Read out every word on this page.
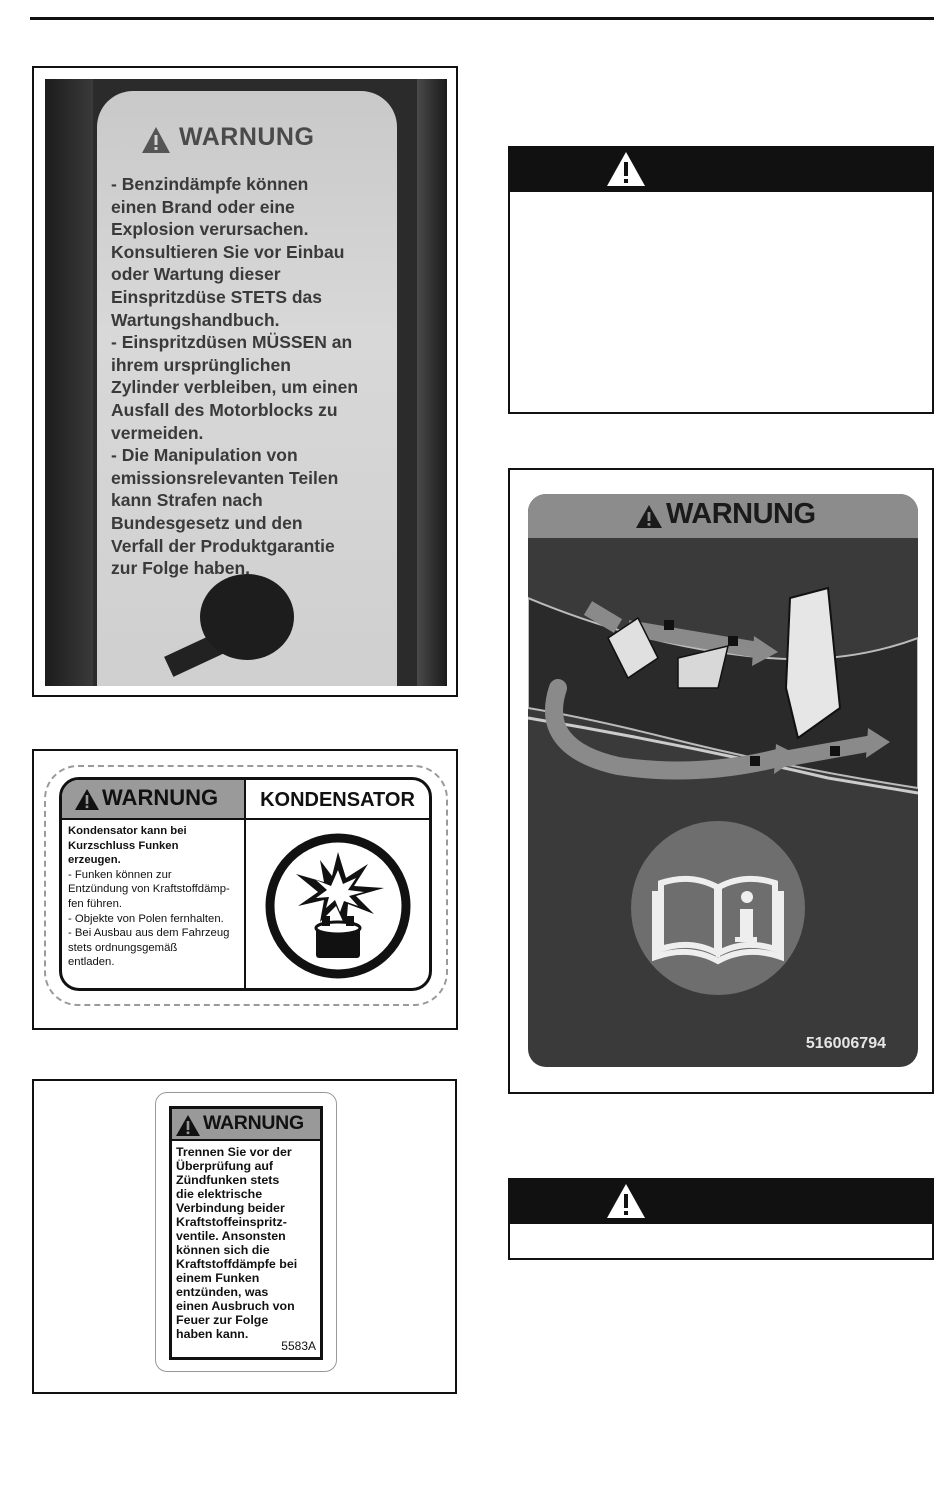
WARNUNG
- Benzindämpfe können
einen Brand oder eine
Explosion verursachen.
Konsultieren Sie vor Einbau
oder Wartung dieser
Einspritzdüse STETS das
Wartungshandbuch.
- Einspritzdüsen MÜSSEN an
ihrem ursprünglichen
Zylinder verbleiben, um einen
Ausfall des Motorblocks zu
vermeiden.
- Die Manipulation von
emissionsrelevanten Teilen
kann Strafen nach
Bundesgesetz und den
Verfall der Produktgarantie
zur Folge haben.
WARNUNG	KONDENSATOR
Kondensator kann bei
Kurzschluss Funken
erzeugen.
- Funken können zur
Entzündung von Kraftstoffdämp-
fen führen.
- Objekte von Polen fernhalten.
- Bei Ausbau aus dem Fahrzeug
stets ordnungsgemäß
entladen.
WARNUNG
Trennen Sie vor der
Überprüfung auf
Zündfunken stets
die elektrische
Verbindung beider
Kraftstoffeinspritz-
ventile. Ansonsten
können sich die
Kraftstoffdämpfe bei
einem Funken
entzünden, was
einen Ausbruch von
Feuer zur Folge
haben kann.
5583A
WARNUNG
516006794
